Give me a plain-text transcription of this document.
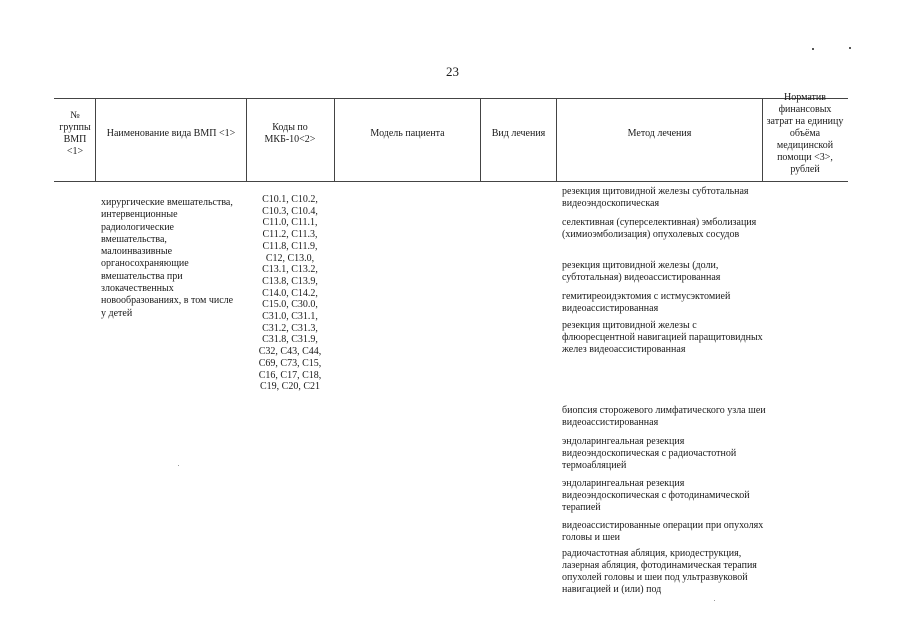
23
№ группы ВМП <1>
Наименование вида ВМП <1>
Коды по МКБ-10<2>
Модель пациента	Вид лечения	Метод лечения
Норматив финансовых затрат на единицу объёма медицинской помощи <3>, рублей
хирургические вмешательства,
интервенционные
радиологические
вмешательства,
малоинвазивные
органосохраняющие
вмешательства при
злокачественных
новообразованиях, в том числе
у детей
C10.1, C10.2,
C10.3, C10.4,
C11.0, C11.1,
C11.2, C11.3,
C11.8, C11.9,
C12, C13.0,
C13.1, C13.2,
C13.8, C13.9,
C14.0, C14.2,
C15.0, C30.0,
C31.0, C31.1,
C31.2, C31.3,
C31.8, C31.9,
C32, C43, C44,
C69, C73, C15,
C16, C17, C18,
C19, C20, C21
резекция щитовидной железы субтотальная видеоэндоскопическая
селективная (суперселективная) эмболизация (химиоэмболизация) опухолевых сосудов
резекция щитовидной железы (доли, субтотальная) видеоассистированная
гемитиреоидэктомия с истмусэктомией видеоассистированная
резекция щитовидной железы с флюоресцентной навигацией паращитовидных желез видеоассистированная
биопсия сторожевого лимфатического узла шеи видеоассистированная
эндоларингеальная резекция видеоэндоскопическая с радиочастотной термоабляцией
эндоларингеальная резекция видеоэндоскопическая с фотодинамической терапией
видеоассистированные операции при опухолях головы и шеи
радиочастотная абляция, криодеструкция, лазерная абляция, фотодинамическая терапия опухолей головы и шеи под ультразвуковой навигацией и (или) под
